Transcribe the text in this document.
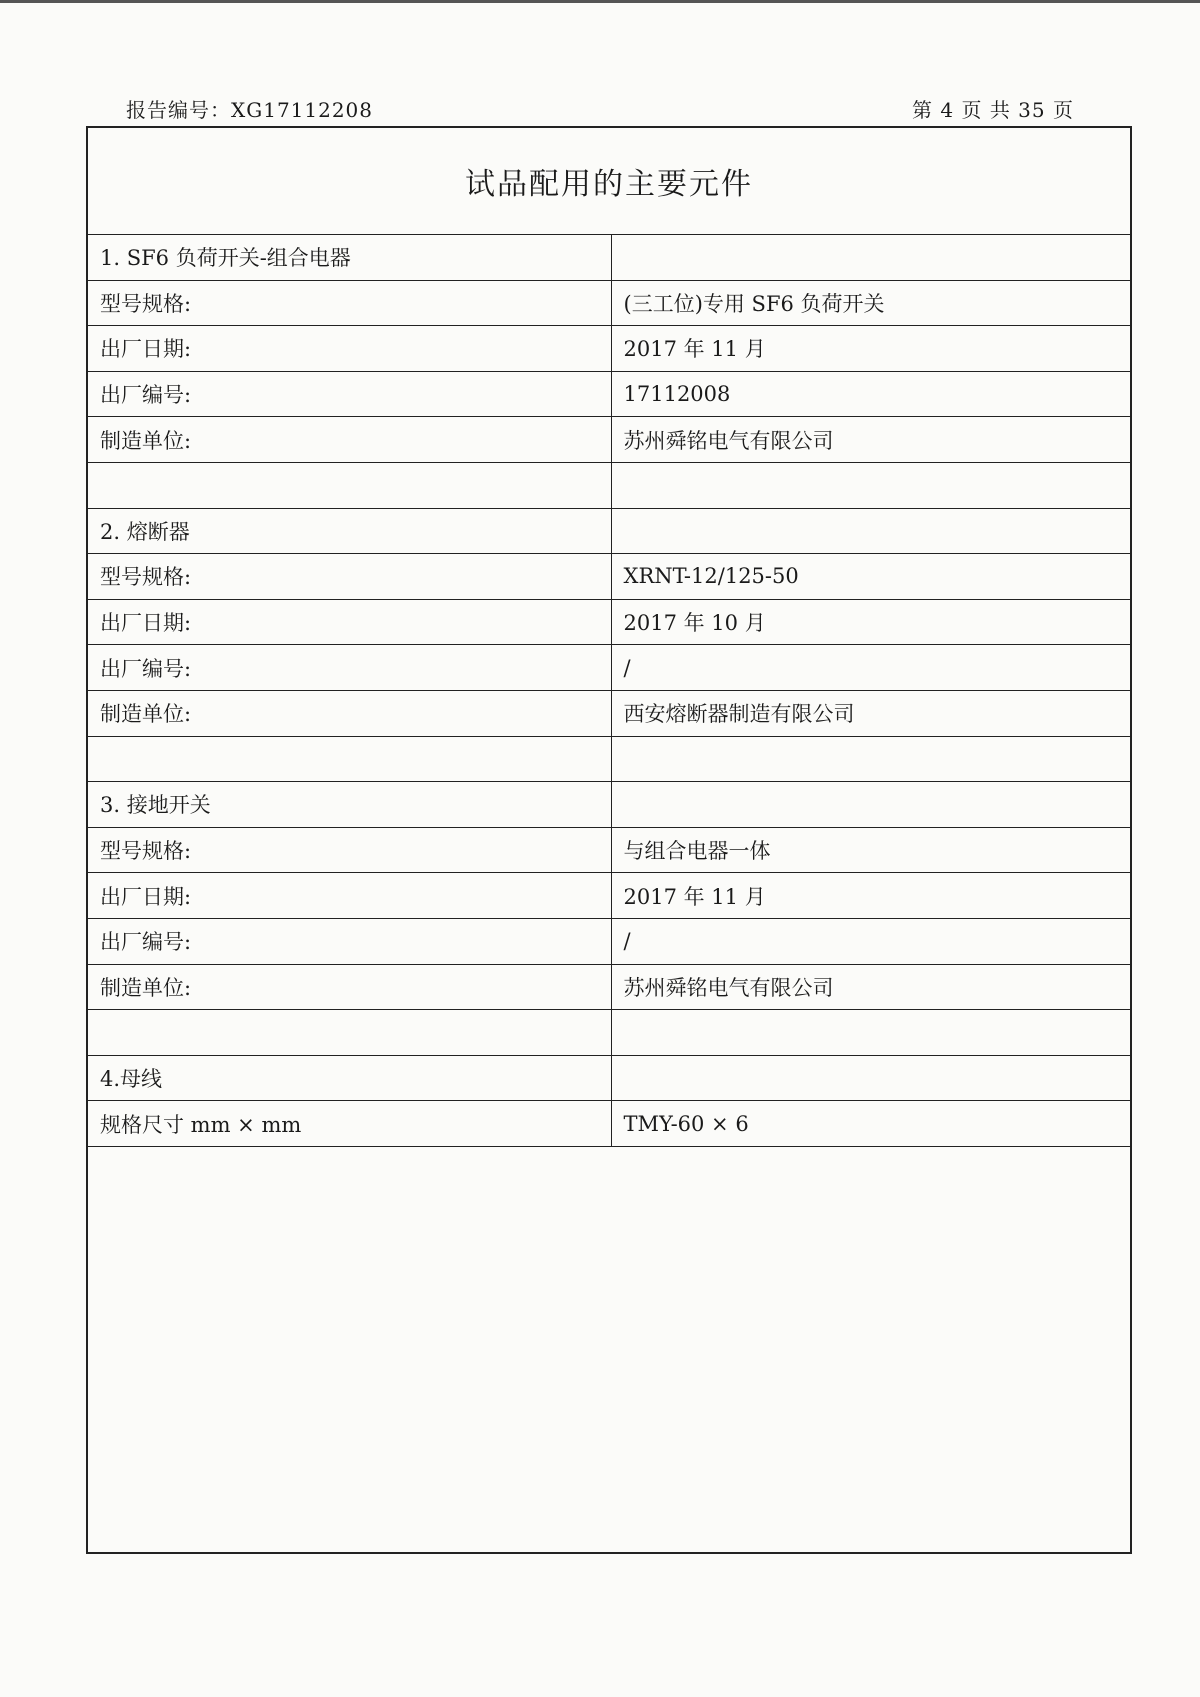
报告编号：XG17112208	第 4 页 共 35 页
试品配用的主要元件
1. SF6 负荷开关-组合电器	
型号规格:	(三工位)专用 SF6 负荷开关
出厂日期:	2017 年 11 月
出厂编号:	17112008
制造单位:	苏州舜铭电气有限公司

2. 熔断器	
型号规格:	XRNT-12/125-50
出厂日期:	2017 年 10 月
出厂编号:	/
制造单位:	西安熔断器制造有限公司

3. 接地开关	
型号规格:	与组合电器一体
出厂日期:	2017 年 11 月
出厂编号:	/
制造单位:	苏州舜铭电气有限公司

4.母线	
规格尺寸 mm × mm	TMY-60 × 6
